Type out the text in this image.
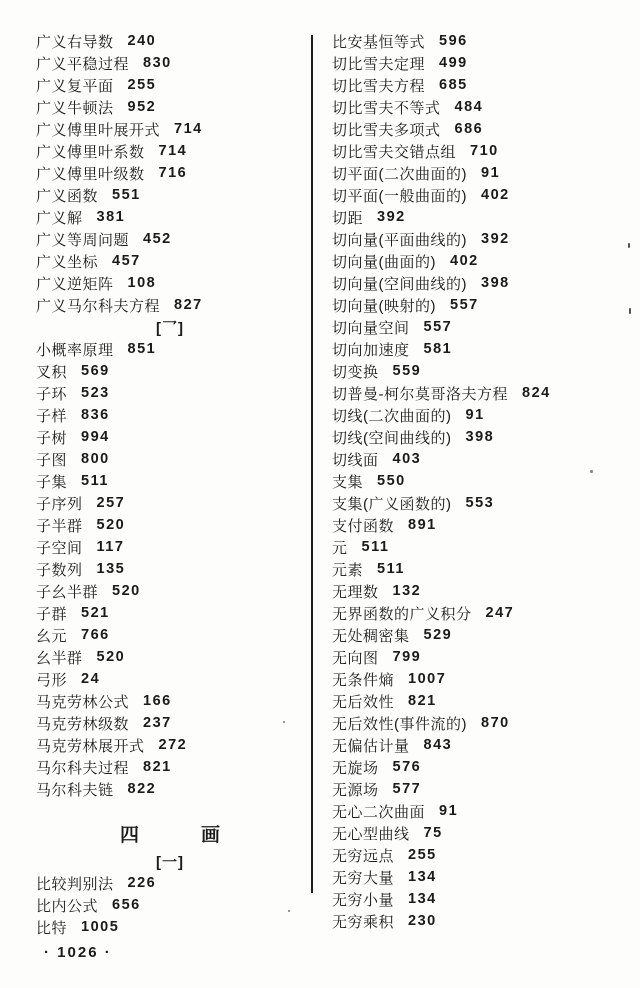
广义右导数 240
广义平稳过程 830
广义复平面 255
广义牛顿法 952
广义傅里叶展开式 714
广义傅里叶系数 714
广义傅里叶级数 716
广义函数 551
广义解 381
广义等周问题 452
广义坐标 457
广义逆矩阵 108
广义马尔科夫方程 827
[乛]
小概率原理 851
叉积 569
子环 523
子样 836
子树 994
子图 800
子集 511
子序列 257
子半群 520
子空间 117
子数列 135
子幺半群 520
子群 521
幺元 766
幺半群 520
弓形 24
马克劳林公式 166
马克劳林级数 237
马克劳林展开式 272
马尔科夫过程 821
马尔科夫链 822
四	画
[一]
比较判别法 226
比内公式 656
比特 1005
比安基恒等式 596
切比雪夫定理 499
切比雪夫方程 685
切比雪夫不等式 484
切比雪夫多项式 686
切比雪夫交错点组 710
切平面(二次曲面的) 91
切平面(一般曲面的) 402
切距 392
切向量(平面曲线的) 392
切向量(曲面的) 402
切向量(空间曲线的) 398
切向量(映射的) 557
切向量空间 557
切向加速度 581
切变换 559
切普曼-柯尔莫哥洛夫方程 824
切线(二次曲面的) 91
切线(空间曲线的) 398
切线面 403
支集 550
支集(广义函数的) 553
支付函数 891
元 511
元素 511
无理数 132
无界函数的广义积分 247
无处稠密集 529
无向图 799
无条件熵 1007
无后效性 821
无后效性(事件流的) 870
无偏估计量 843
无旋场 576
无源场 577
无心二次曲面 91
无心型曲线 75
无穷远点 255
无穷大量 134
无穷小量 134
无穷乘积 230
· 1026 ·
